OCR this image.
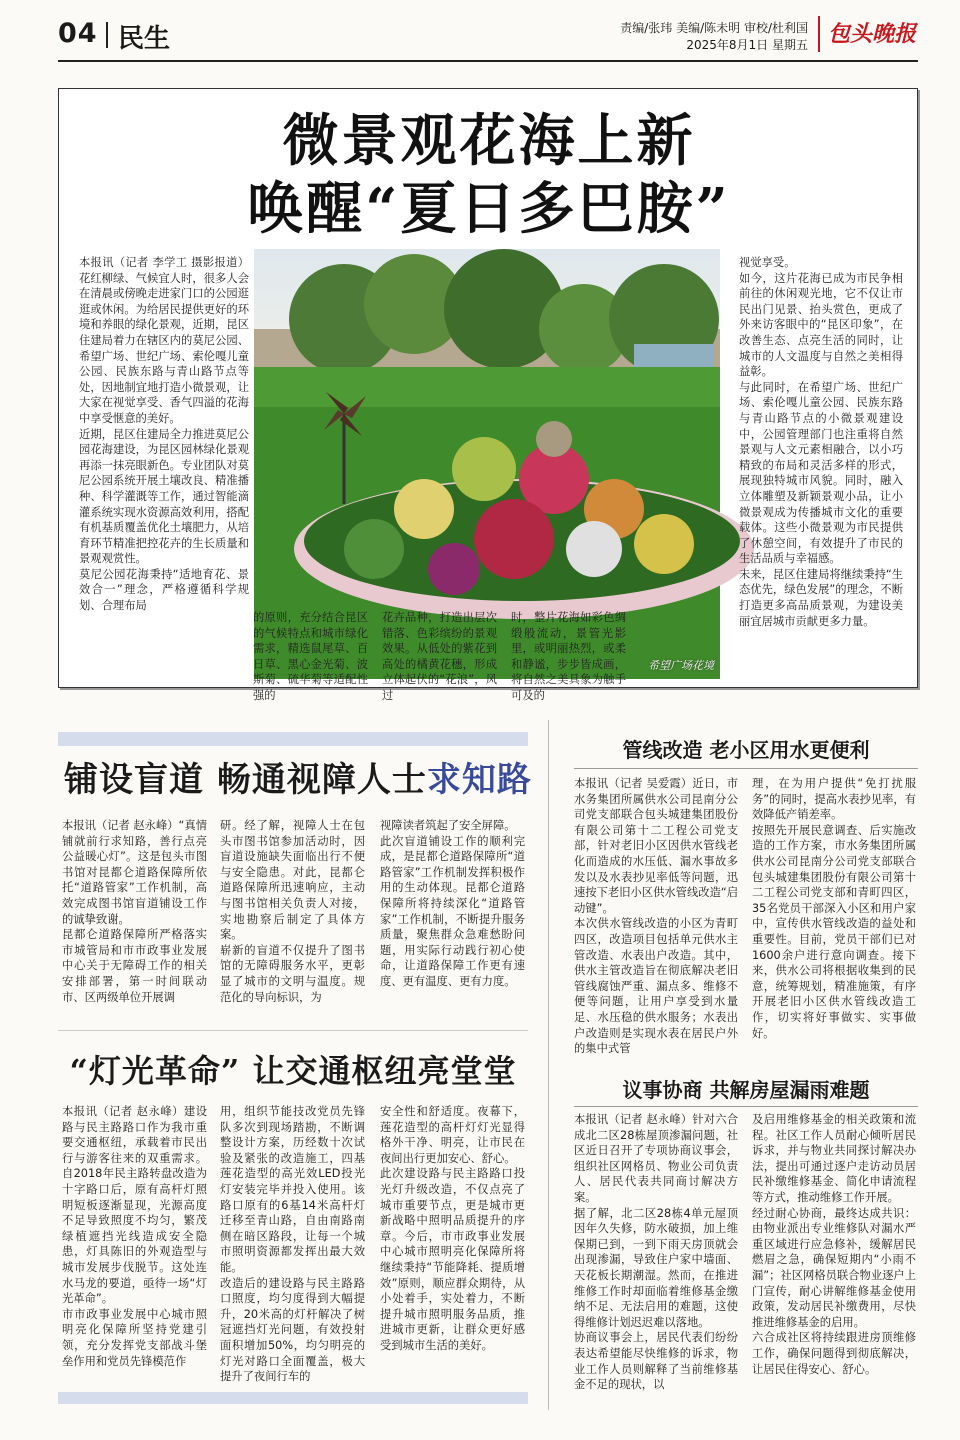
04 民生	责编/张玮 美编/陈未明 审校/杜利国
2025年8月1日 星期五 包头晚报
微景观花海上新
唤醒“夏日多巴胺”
本报讯（记者 李学工 摄影报道）花红柳绿、气候宜人时，很多人会在清晨或傍晚走进家门口的公园逛逛或休闲。为给居民提供更好的环境和养眼的绿化景观，近期，昆区住建局着力在辖区内的莫尼公园、希望广场、世纪广场、索伦嘎儿童公园、民族东路与青山路节点等处，因地制宜地打造小微景观，让大家在视觉享受、香气四溢的花海中享受惬意的美好。
近期，昆区住建局全力推进莫尼公园花海建设，为昆区园林绿化景观再添一抹亮眼新色。专业团队对莫尼公园系统开展土壤改良、精准播种、科学灌溉等工作，通过智能滴灌系统实现水资源高效利用，搭配有机基质覆盖优化土壤肥力，从培育环节精准把控花卉的生长质量和景观观赏性。
莫尼公园花海秉持“适地育花、景效合一”理念，严格遵循科学规划、合理布局
希望广场花境
视觉享受。
如今，这片花海已成为市民争相前往的休闲观光地，它不仅让市民出门见景、抬头赏色，更成了外来访客眼中的“昆区印象”，在改善生态、点亮生活的同时，让城市的人文温度与自然之美相得益彰。
与此同时，在希望广场、世纪广场、索伦嘎儿童公园、民族东路与青山路节点的小微景观建设中，公园管理部门也注重将自然景观与人文元素相融合，以小巧精致的布局和灵活多样的形式，展现独特城市风貌。同时，融入立体雕塑及新颖景观小品，让小微景观成为传播城市文化的重要载体。这些小微景观为市民提供了休憩空间，有效提升了市民的生活品质与幸福感。
未来，昆区住建局将继续秉持“生态优先，绿色发展”的理念，不断打造更多高品质景观，为建设美丽宜居城市贡献更多力量。
的原则，充分结合昆区的气候特点和城市绿化需求，精选鼠尾草、百日草、黑心金光菊、波斯菊、硫华菊等适配性强的
花卉品种，打造出层次错落、色彩缤纷的景观效果。从低处的紫花到高处的橘黄花穗，形成立体起伏的“花浪”，风过
时，整片花海如彩色绸缎般流动，景管光影里，或明丽热烈，或柔和静谧，步步皆成画，将自然之美具象为触手可及的
铺设盲道 畅通视障人士求知路
本报讯（记者 赵永峰）“真情铺就前行求知路，善行点亮公益暖心灯”。这是包头市图书馆对昆都仑道路保障所依托“道路管家”工作机制，高效完成图书馆盲道铺设工作的诚挚致谢。
昆都仑道路保障所严格落实市城管局和市市政事业发展中心关于无障碍工作的相关安排部署，第一时间联动市、区两级单位开展调
研。经了解，视障人士在包头市图书馆参加活动时，因盲道设施缺失面临出行不便与安全隐患。对此，昆都仑道路保障所迅速响应，主动与图书馆相关负责人对接，实地勘察后制定了具体方案。
崭新的盲道不仅提升了图书馆的无障碍服务水平，更彰显了城市的文明与温度。规范化的导向标识，为
视障读者筑起了安全屏障。
此次盲道铺设工作的顺利完成，是昆都仑道路保障所“道路管家”工作机制发挥积极作用的生动体现。昆都仑道路保障所将持续深化“道路管家”工作机制，不断提升服务质量，聚焦群众急难愁盼问题，用实际行动践行初心使命，让道路保障工作更有速度、更有温度、更有力度。
“灯光革命” 让交通枢纽亮堂堂
本报讯（记者 赵永峰）建设路与民主路路口作为我市重要交通枢纽，承载着市民出行与游客往来的双重需求。自2018年民主路转盘改造为十字路口后，原有高杆灯照明短板逐渐显现，光源高度不足导致照度不均匀，繁茂绿植遮挡光线造成安全隐患，灯具陈旧的外观造型与城市发展步伐脱节。这处连水马龙的要道，亟待一场“灯光革命”。
市市政事业发展中心城市照明亮化保障所坚持党建引领，充分发挥党支部战斗堡垒作用和党员先锋模范作
用，组织节能技改党员先锋队多次到现场踏勘，不断调整设计方案，历经数十次试验及紧张的改造施工，四基莲花造型的高光效LED投光灯安装完毕并投入使用。该路口原有的6基14米高杆灯迁移至青山路，自由南路南侧在暗区路段，让每一个城市照明资源都发挥出最大效能。
改造后的建设路与民主路路口照度，均匀度得到大幅提升，20米高的灯杆解决了树冠遮挡灯光问题，有效投射面积增加50%，均匀明亮的灯光对路口全面覆盖，极大提升了夜间行车的
安全性和舒适度。夜幕下，莲花造型的高杆灯灯光显得格外干净、明亮，让市民在夜间出行更加安心、舒心。
此次建设路与民主路路口投光灯升级改造，不仅点亮了城市重要节点，更是城市更新战略中照明品质提升的序章。今后，市市政事业发展中心城市照明亮化保障所将继续秉持“节能降耗、提质增效”原则，顺应群众期待，从小处着手，实处着力，不断提升城市照明服务品质，推进城市更新，让群众更好感受到城市生活的美好。
管线改造 老小区用水更便利
本报讯（记者 吴爱霞）近日，市水务集团所属供水公司昆南分公司党支部联合包头城建集团股份有限公司第十二工程公司党支部，针对老旧小区因供水管线老化而造成的水压低、漏水事故多发以及水表抄见率低等问题，迅速按下老旧小区供水管线改造“启动键”。
本次供水管线改造的小区为青町四区，改造项目包括单元供水主管改造、水表出户改造。其中，供水主管改造旨在彻底解决老旧管线腐蚀严重、漏点多、维修不便等问题，让用户享受到水量足、水压稳的供水服务；水表出户改造则是实现水表在居民户外的集中式管
理，在为用户提供“免打扰服务”的同时，提高水表抄见率，有效降低产销差率。
按照先开展民意调查、后实施改造的工作方案，市水务集团所属供水公司昆南分公司党支部联合包头城建集团股份有限公司第十二工程公司党支部和青町四区，35名党员干部深入小区和用户家中，宣传供水管线改造的益处和重要性。目前，党员干部们已对1600余户进行意向调查。接下来，供水公司将根据收集到的民意，统筹规划，精准施策，有序开展老旧小区供水管线改造工作，切实将好事做实、实事做好。
议事协商 共解房屋漏雨难题
本报讯（记者 赵永峰）针对六合成北二区28栋屋顶渗漏问题，社区近日召开了专项协商议事会，组织社区网格员、物业公司负责人、居民代表共同商讨解决方案。
据了解，北二区28栋4单元屋顶因年久失修，防水破损，加上维保期已到，一到下雨天房顶就会出现渗漏，导致住户家中墙面、天花板长期潮湿。然而，在推进维修工作时却面临着维修基金缴纳不足、无法启用的难题，这使得维修计划迟迟难以落地。
协商议事会上，居民代表们纷纷表达希望能尽快维修的诉求，物业工作人员则解释了当前维修基金不足的现状，以
及启用维修基金的相关政策和流程。社区工作人员耐心倾听居民诉求，并与物业共同探讨解决办法，提出可通过逐户走访动员居民补缴维修基金、简化申请流程等方式，推动维修工作开展。
经过耐心协商，最终达成共识：由物业派出专业维修队对漏水严重区域进行应急修补，缓解居民燃眉之急，确保短期内“小雨不漏”；社区网格员联合物业逐户上门宣传，耐心讲解维修基金使用政策，发动居民补缴费用，尽快推进维修基金的启用。
六合成社区将持续跟进房顶维修工作，确保问题得到彻底解决，让居民住得安心、舒心。
